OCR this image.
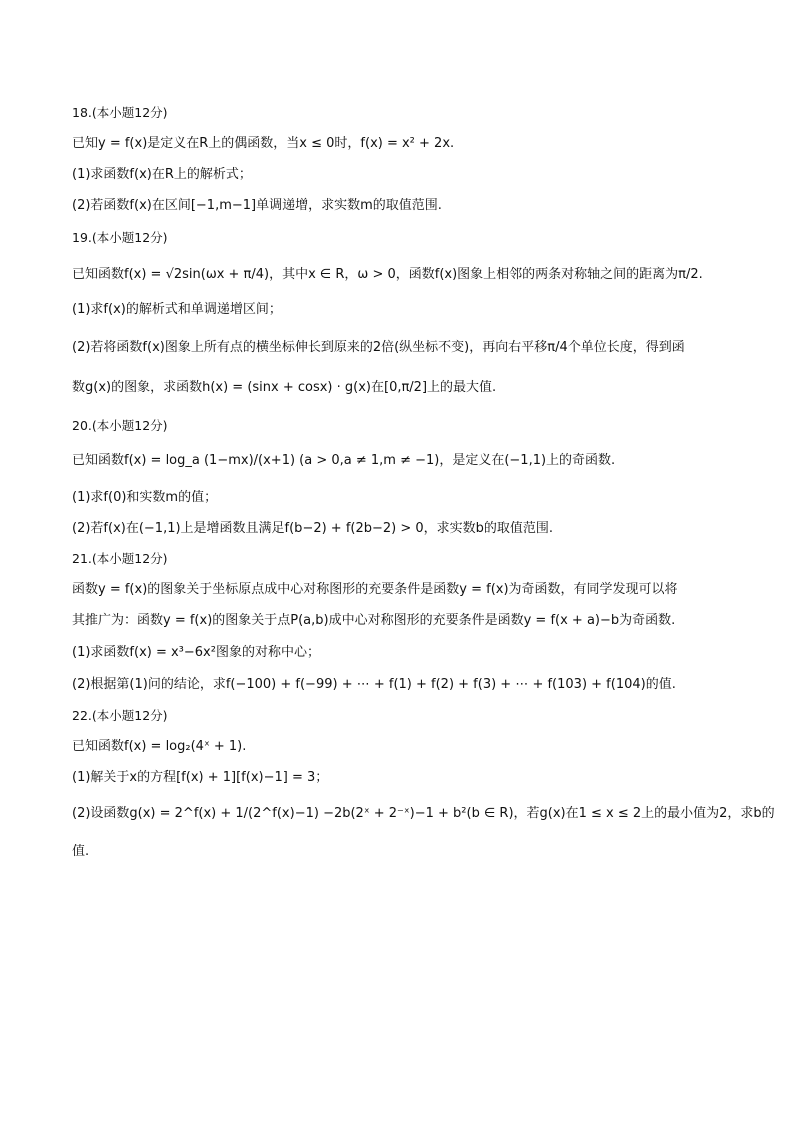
18.(本小题12分)
已知y = f(x)是定义在R上的偶函数，当x ≤ 0时，f(x) = x² + 2x.
(1)求函数f(x)在R上的解析式；
(2)若函数f(x)在区间[−1,m−1]单调递增，求实数m的取值范围.
19.(本小题12分)
已知函数f(x) = √2sin(ωx + π/4)，其中x ∈ R，ω > 0，函数f(x)图象上相邻的两条对称轴之间的距离为π/2.
(1)求f(x)的解析式和单调递增区间；
(2)若将函数f(x)图象上所有点的横坐标伸长到原来的2倍(纵坐标不变)，再向右平移π/4个单位长度，得到函
数g(x)的图象，求函数h(x) = (sinx + cosx) · g(x)在[0,π/2]上的最大值.
20.(本小题12分)
已知函数f(x) = log_a (1−mx)/(x+1) (a > 0,a ≠ 1,m ≠ −1)，是定义在(−1,1)上的奇函数.
(1)求f(0)和实数m的值；
(2)若f(x)在(−1,1)上是增函数且满足f(b−2) + f(2b−2) > 0，求实数b的取值范围.
21.(本小题12分)
函数y = f(x)的图象关于坐标原点成中心对称图形的充要条件是函数y = f(x)为奇函数，有同学发现可以将
其推广为：函数y = f(x)的图象关于点P(a,b)成中心对称图形的充要条件是函数y = f(x + a)−b为奇函数.
(1)求函数f(x) = x³−6x²图象的对称中心；
(2)根据第(1)问的结论，求f(−100) + f(−99) + ⋯ + f(1) + f(2) + f(3) + ⋯ + f(103) + f(104)的值.
22.(本小题12分)
已知函数f(x) = log₂(4ˣ + 1).
(1)解关于x的方程[f(x) + 1][f(x)−1] = 3；
(2)设函数g(x) = 2^f(x) + 1/(2^f(x)−1) −2b(2ˣ + 2⁻ˣ)−1 + b²(b ∈ R)，若g(x)在1 ≤ x ≤ 2上的最小值为2，求b的
值.
